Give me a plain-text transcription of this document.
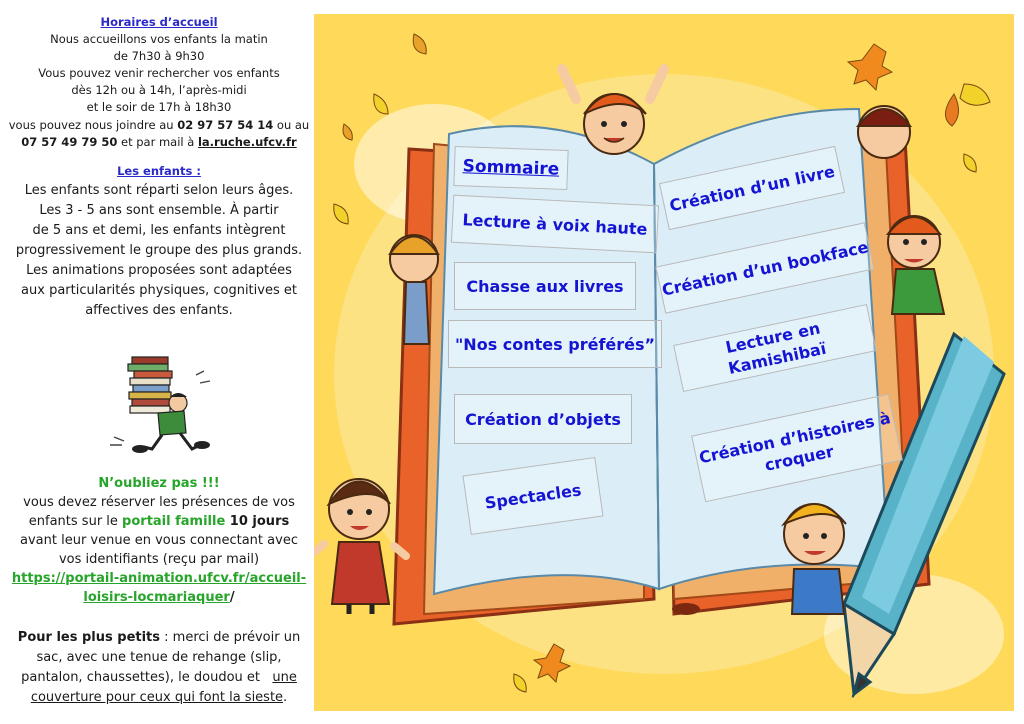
Horaires d’accueil
Nous accueillons vos enfants la matin
de 7h30 à 9h30
Vous pouvez venir rechercher vos enfants
dès 12h ou à 14h, l’après-midi
et le soir de 17h à 18h30
vous pouvez nous joindre au 02 97 57 54 14 ou au
07 57 49 79 50 et par mail à la.ruche.ufcv.fr
Les enfants :
Les enfants sont réparti selon leurs âges.
Les 3 - 5 ans sont ensemble. À partir
de 5 ans et demi, les enfants intègrent
progressivement le groupe des plus grands.
Les animations proposées sont adaptées
aux particularités physiques, cognitives et
affectives des enfants.
N’oubliez pas !!!
vous devez réserver les présences de vos
enfants sur le portail famille 10 jours
avant leur venue en vous connectant avec
vos identifiants (reçu par mail)
https://portail-animation.ufcv.fr/accueil-
loisirs-locmariaquer/
Pour les plus petits : merci de prévoir un
sac, avec une tenue de rehange (slip,
pantalon, chaussettes), le doudou et une
couverture pour ceux qui font la sieste.
Sommaire
Lecture à voix haute
Chasse aux livres
"Nos contes préférés”
Création d’objets
Spectacles
Création d’un livre
Création d’un bookface
Lecture en Kamishibaï
Création d’histoires à croquer
